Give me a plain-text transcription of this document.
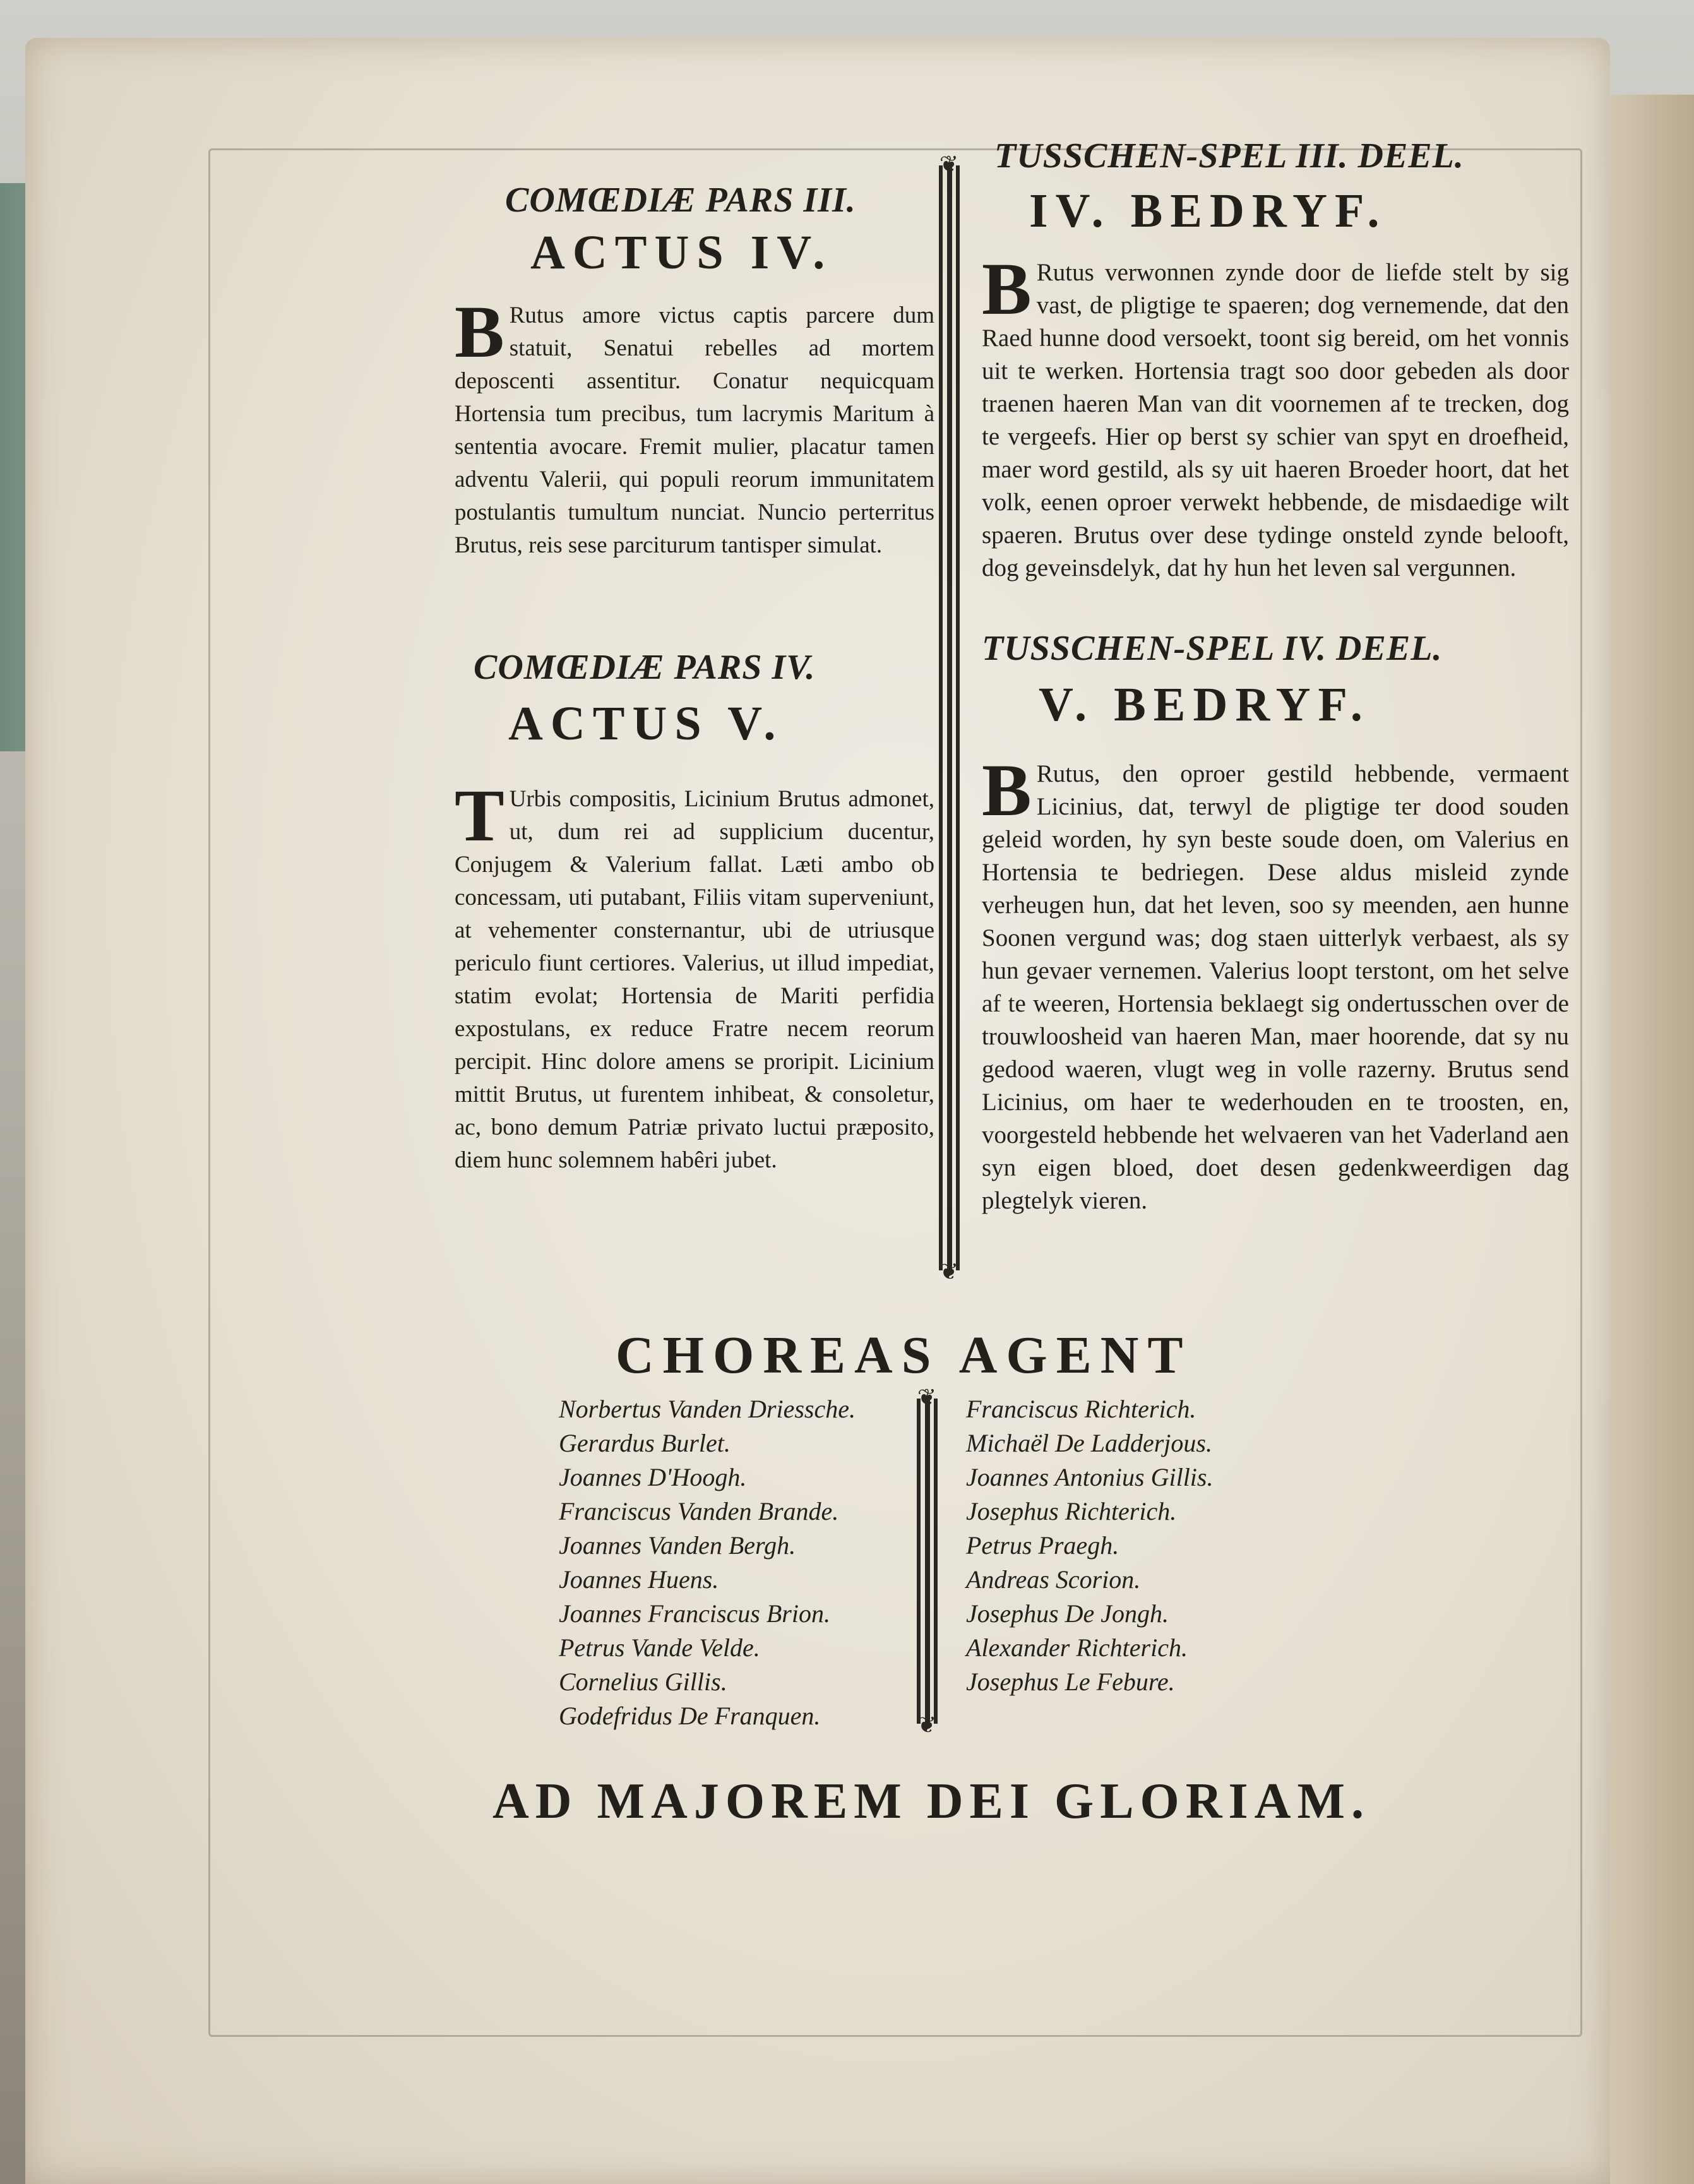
❦
❦
COMŒDIÆ PARS III.
ACTUS IV.
B Rutus amore victus captis parcere dum statuit, Senatui rebelles ad mortem deposcenti assentitur. Conatur nequicquam Hortensia tum precibus, tum lacrymis Maritum à sententia avocare. Fremit mulier, placatur tamen adventu Valerii, qui populi reorum immunitatem postulantis tumultum nunciat. Nuncio perterritus Brutus, reis sese parciturum tantisper simulat.
TUSSCHEN-SPEL III. DEEL.
IV. BEDRYF.
B Rutus verwonnen zynde door de liefde stelt by sig vast, de pligtige te spaeren; dog vernemende, dat den Raed hunne dood versoekt, toont sig bereid, om het vonnis uit te werken. Hortensia tragt soo door gebeden als door traenen haeren Man van dit voornemen af te trecken, dog te vergeefs. Hier op berst sy schier van spyt en droefheid, maer word gestild, als sy uit haeren Broeder hoort, dat het volk, eenen oproer verwekt hebbende, de misdaedige wilt spaeren. Brutus over dese tydinge onsteld zynde belooft, dog geveinsdelyk, dat hy hun het leven sal vergunnen.
COMŒDIÆ PARS IV.
ACTUS V.
T Urbis compositis, Licinium Brutus admonet, ut, dum rei ad supplicium ducentur, Conjugem & Valerium fallat. Læti ambo ob concessam, uti putabant, Filiis vitam superveniunt, at vehementer consternantur, ubi de utriusque periculo fiunt certiores. Valerius, ut illud impediat, statim evolat; Hortensia de Mariti perfidia expostulans, ex reduce Fratre necem reorum percipit. Hinc dolore amens se proripit. Licinium mittit Brutus, ut furentem inhibeat, & consoletur, ac, bono demum Patriæ privato luctui præposito, diem hunc solemnem habêri jubet.
TUSSCHEN-SPEL IV. DEEL.
V. BEDRYF.
B Rutus, den oproer gestild hebbende, vermaent Licinius, dat, terwyl de pligtige ter dood souden geleid worden, hy syn beste soude doen, om Valerius en Hortensia te bedriegen. Dese aldus misleid zynde verheugen hun, dat het leven, soo sy meenden, aen hunne Soonen vergund was; dog staen uitterlyk verbaest, als sy hun gevaer vernemen. Valerius loopt terstont, om het selve af te weeren, Hortensia beklaegt sig ondertusschen over de trouwloosheid van haeren Man, maer hoorende, dat sy nu gedood waeren, vlugt weg in volle razerny. Brutus send Licinius, om haer te wederhouden en te troosten, en, voorgesteld hebbende het welvaeren van het Vaderland aen syn eigen bloed, doet desen gedenkweerdigen dag plegtelyk vieren.
CHOREAS AGENT
❦
❦
Norbertus Vanden Driessche.
Gerardus Burlet.
Joannes D'Hoogh.
Franciscus Vanden Brande.
Joannes Vanden Bergh.
Joannes Huens.
Joannes Franciscus Brion.
Petrus Vande Velde.
Cornelius Gillis.
Godefridus De Franquen.
Franciscus Richterich.
Michaël De Ladderjous.
Joannes Antonius Gillis.
Josephus Richterich.
Petrus Praegh.
Andreas Scorion.
Josephus De Jongh.
Alexander Richterich.
Josephus Le Febure.
AD MAJOREM DEI GLORIAM.
